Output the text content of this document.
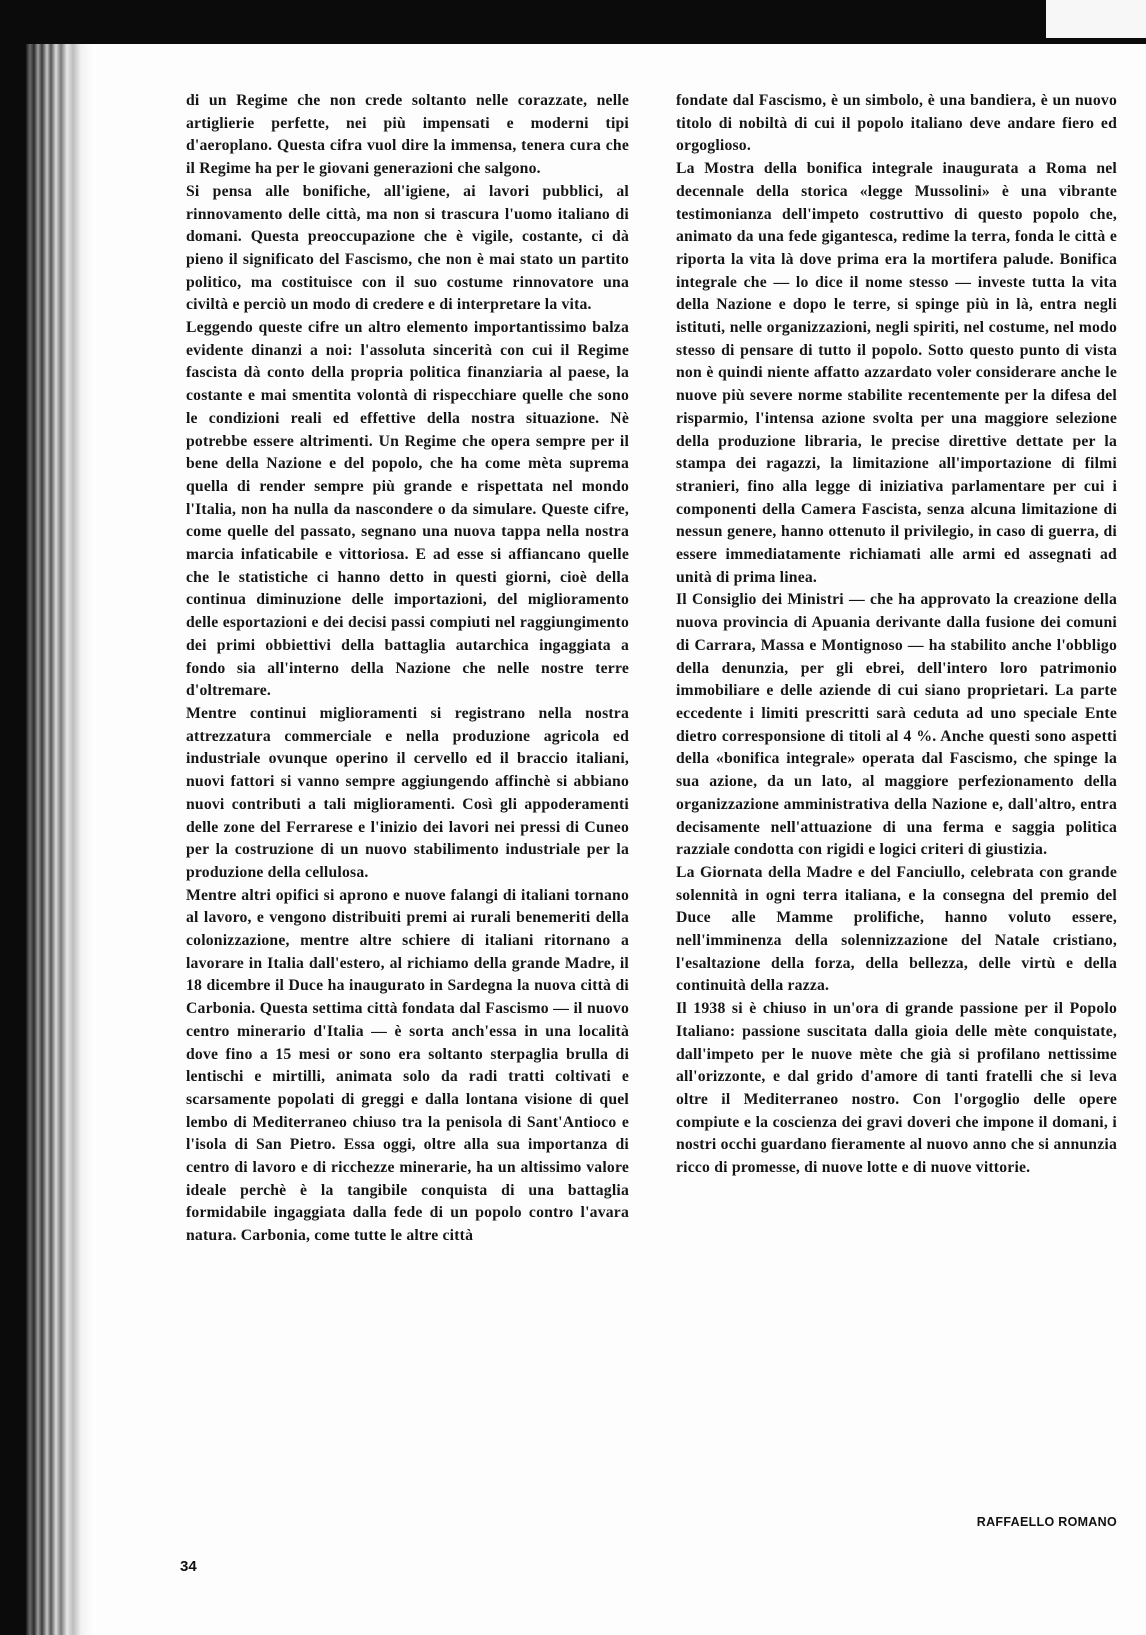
di un Regime che non crede soltanto nelle corazzate, nelle artiglierie perfette, nei più impensati e moderni tipi d'aeroplano. Questa cifra vuol dire la immensa, tenera cura che il Regime ha per le giovani generazioni che salgono.

Si pensa alle bonifiche, all'igiene, ai lavori pubblici, al rinnovamento delle città, ma non si trascura l'uomo italiano di domani. Questa preoccupazione che è vigile, costante, ci dà pieno il significato del Fascismo, che non è mai stato un partito politico, ma costituisce con il suo costume rinnovatore una civiltà e perciò un modo di credere e di interpretare la vita.

Leggendo queste cifre un altro elemento importantissimo balza evidente dinanzi a noi: l'assoluta sincerità con cui il Regime fascista dà conto della propria politica finanziaria al paese, la costante e mai smentita volontà di rispecchiare quelle che sono le condizioni reali ed effettive della nostra situazione. Nè potrebbe essere altrimenti. Un Regime che opera sempre per il bene della Nazione e del popolo, che ha come mèta suprema quella di render sempre più grande e rispettata nel mondo l'Italia, non ha nulla da nascondere o da simulare. Queste cifre, come quelle del passato, segnano una nuova tappa nella nostra marcia infaticabile e vittoriosa. E ad esse si affiancano quelle che le statistiche ci hanno detto in questi giorni, cioè della continua diminuzione delle importazioni, del miglioramento delle esportazioni e dei decisi passi compiuti nel raggiungimento dei primi obbiettivi della battaglia autarchica ingaggiata a fondo sia all'interno della Nazione che nelle nostre terre d'oltremare.

Mentre continui miglioramenti si registrano nella nostra attrezzatura commerciale e nella produzione agricola ed industriale ovunque operino il cervello ed il braccio italiani, nuovi fattori si vanno sempre aggiungendo affinchè si abbiano nuovi contributi a tali miglioramenti. Così gli appoderamenti delle zone del Ferrarese e l'inizio dei lavori nei pressi di Cuneo per la costruzione di un nuovo stabilimento industriale per la produzione della cellulosa.

Mentre altri opifici si aprono e nuove falangi di italiani tornano al lavoro, e vengono distribuiti premi ai rurali benemeriti della colonizzazione, mentre altre schiere di italiani ritornano a lavorare in Italia dall'estero, al richiamo della grande Madre, il 18 dicembre il Duce ha inaugurato in Sardegna la nuova città di Carbonia. Questa settima città fondata dal Fascismo — il nuovo centro minerario d'Italia — è sorta anch'essa in una località dove fino a 15 mesi or sono era soltanto sterpaglia brulla di lentischi e mirtilli, animata solo da radi tratti coltivati e scarsamente popolati di greggi e dalla lontana visione di quel lembo di Mediterraneo chiuso tra la penisola di Sant'Antioco e l'isola di San Pietro. Essa oggi, oltre alla sua importanza di centro di lavoro e di ricchezze minerarie, ha un altissimo valore ideale perchè è la tangibile conquista di una battaglia formidabile ingaggiata dalla fede di un popolo contro l'avara natura. Carbonia, come tutte le altre città

fondate dal Fascismo, è un simbolo, è una bandiera, è un nuovo titolo di nobiltà di cui il popolo italiano deve andare fiero ed orgoglioso.

La Mostra della bonifica integrale inaugurata a Roma nel decennale della storica «legge Mussolini» è una vibrante testimonianza dell'impeto costruttivo di questo popolo che, animato da una fede gigantesca, redime la terra, fonda le città e riporta la vita là dove prima era la mortifera palude. Bonifica integrale che — lo dice il nome stesso — investe tutta la vita della Nazione e dopo le terre, si spinge più in là, entra negli istituti, nelle organizzazioni, negli spiriti, nel costume, nel modo stesso di pensare di tutto il popolo. Sotto questo punto di vista non è quindi niente affatto azzardato voler considerare anche le nuove più severe norme stabilite recentemente per la difesa del risparmio, l'intensa azione svolta per una maggiore selezione della produzione libraria, le precise direttive dettate per la stampa dei ragazzi, la limitazione all'importazione di filmi stranieri, fino alla legge di iniziativa parlamentare per cui i componenti della Camera Fascista, senza alcuna limitazione di nessun genere, hanno ottenuto il privilegio, in caso di guerra, di essere immediatamente richiamati alle armi ed assegnati ad unità di prima linea.

Il Consiglio dei Ministri — che ha approvato la creazione della nuova provincia di Apuania derivante dalla fusione dei comuni di Carrara, Massa e Montignoso — ha stabilito anche l'obbligo della denunzia, per gli ebrei, dell'intero loro patrimonio immobiliare e delle aziende di cui siano proprietari. La parte eccedente i limiti prescritti sarà ceduta ad uno speciale Ente dietro corresponsione di titoli al 4 %. Anche questi sono aspetti della «bonifica integrale» operata dal Fascismo, che spinge la sua azione, da un lato, al maggiore perfezionamento della organizzazione amministrativa della Nazione e, dall'altro, entra decisamente nell'attuazione di una ferma e saggia politica razziale condotta con rigidi e logici criteri di giustizia.

La Giornata della Madre e del Fanciullo, celebrata con grande solennità in ogni terra italiana, e la consegna del premio del Duce alle Mamme prolifiche, hanno voluto essere, nell'imminenza della solennizzazione del Natale cristiano, l'esaltazione della forza, della bellezza, delle virtù e della continuità della razza.

Il 1938 si è chiuso in un'ora di grande passione per il Popolo Italiano: passione suscitata dalla gioia delle mète conquistate, dall'impeto per le nuove mète che già si profilano nettissime all'orizzonte, e dal grido d'amore di tanti fratelli che si leva oltre il Mediterraneo nostro. Con l'orgoglio delle opere compiute e la coscienza dei gravi doveri che impone il domani, i nostri occhi guardano fieramente al nuovo anno che si annunzia ricco di promesse, di nuove lotte e di nuove vittorie.

RAFFAELLO ROMANO
34
